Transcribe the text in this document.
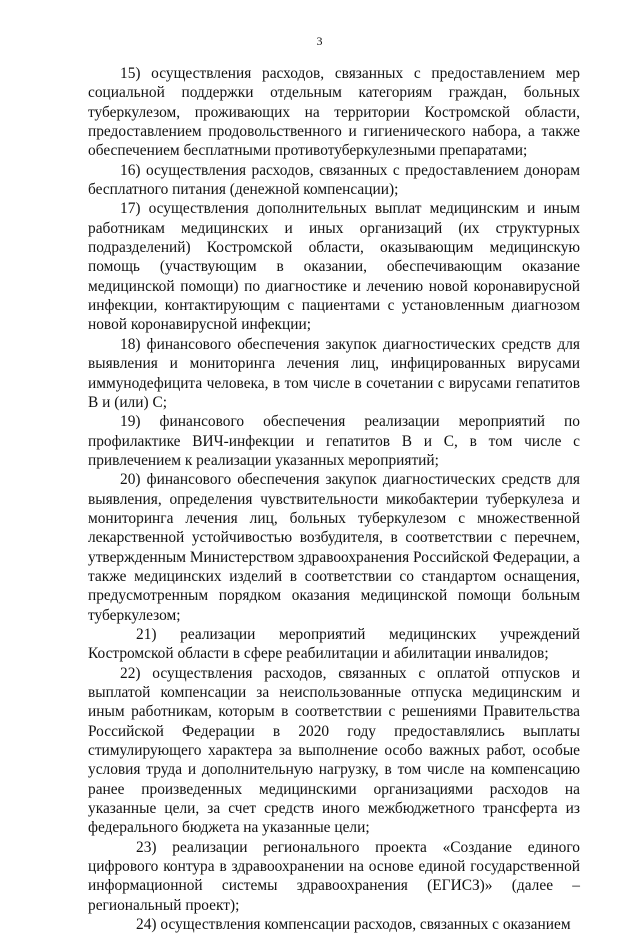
3

15) осуществления расходов, связанных с предоставлением мер социальной поддержки отдельным категориям граждан, больных туберкулезом, проживающих на территории Костромской области, предоставлением продовольственного и гигиенического набора, а также обеспечением бесплатными противотуберкулезными препаратами;

16) осуществления расходов, связанных с предоставлением донорам бесплатного питания (денежной компенсации);

17) осуществления дополнительных выплат медицинским и иным работникам медицинских и иных организаций (их структурных подразделений) Костромской области, оказывающим медицинскую помощь (участвующим в оказании, обеспечивающим оказание медицинской помощи) по диагностике и лечению новой коронавирусной инфекции, контактирующим с пациентами с установленным диагнозом новой коронавирусной инфекции;

18) финансового обеспечения закупок диагностических средств для выявления и мониторинга лечения лиц, инфицированных вирусами иммунодефицита человека, в том числе в сочетании с вирусами гепатитов В и (или) С;

19) финансового обеспечения реализации мероприятий по профилактике ВИЧ-инфекции и гепатитов В и С, в том числе с привлечением к реализации указанных мероприятий;

20) финансового обеспечения закупок диагностических средств для выявления, определения чувствительности микобактерии туберкулеза и мониторинга лечения лиц, больных туберкулезом с множественной лекарственной устойчивостью возбудителя, в соответствии с перечнем, утвержденным Министерством здравоохранения Российской Федерации, а также медицинских изделий в соответствии со стандартом оснащения, предусмотренным порядком оказания медицинской помощи больным туберкулезом;

21) реализации мероприятий медицинских учреждений Костромской области в сфере реабилитации и абилитации инвалидов;

22) осуществления расходов, связанных с оплатой отпусков и выплатой компенсации за неиспользованные отпуска медицинским и иным работникам, которым в соответствии с решениями Правительства Российской Федерации в 2020 году предоставлялись выплаты стимулирующего характера за выполнение особо важных работ, особые условия труда и дополнительную нагрузку, в том числе на компенсацию ранее произведенных медицинскими организациями расходов на указанные цели, за счет средств иного межбюджетного трансферта из федерального бюджета на указанные цели;

23) реализации регионального проекта «Создание единого цифрового контура в здравоохранении на основе единой государственной информационной системы здравоохранения (ЕГИСЗ)» (далее – региональный проект);

24) осуществления компенсации расходов, связанных с оказанием
